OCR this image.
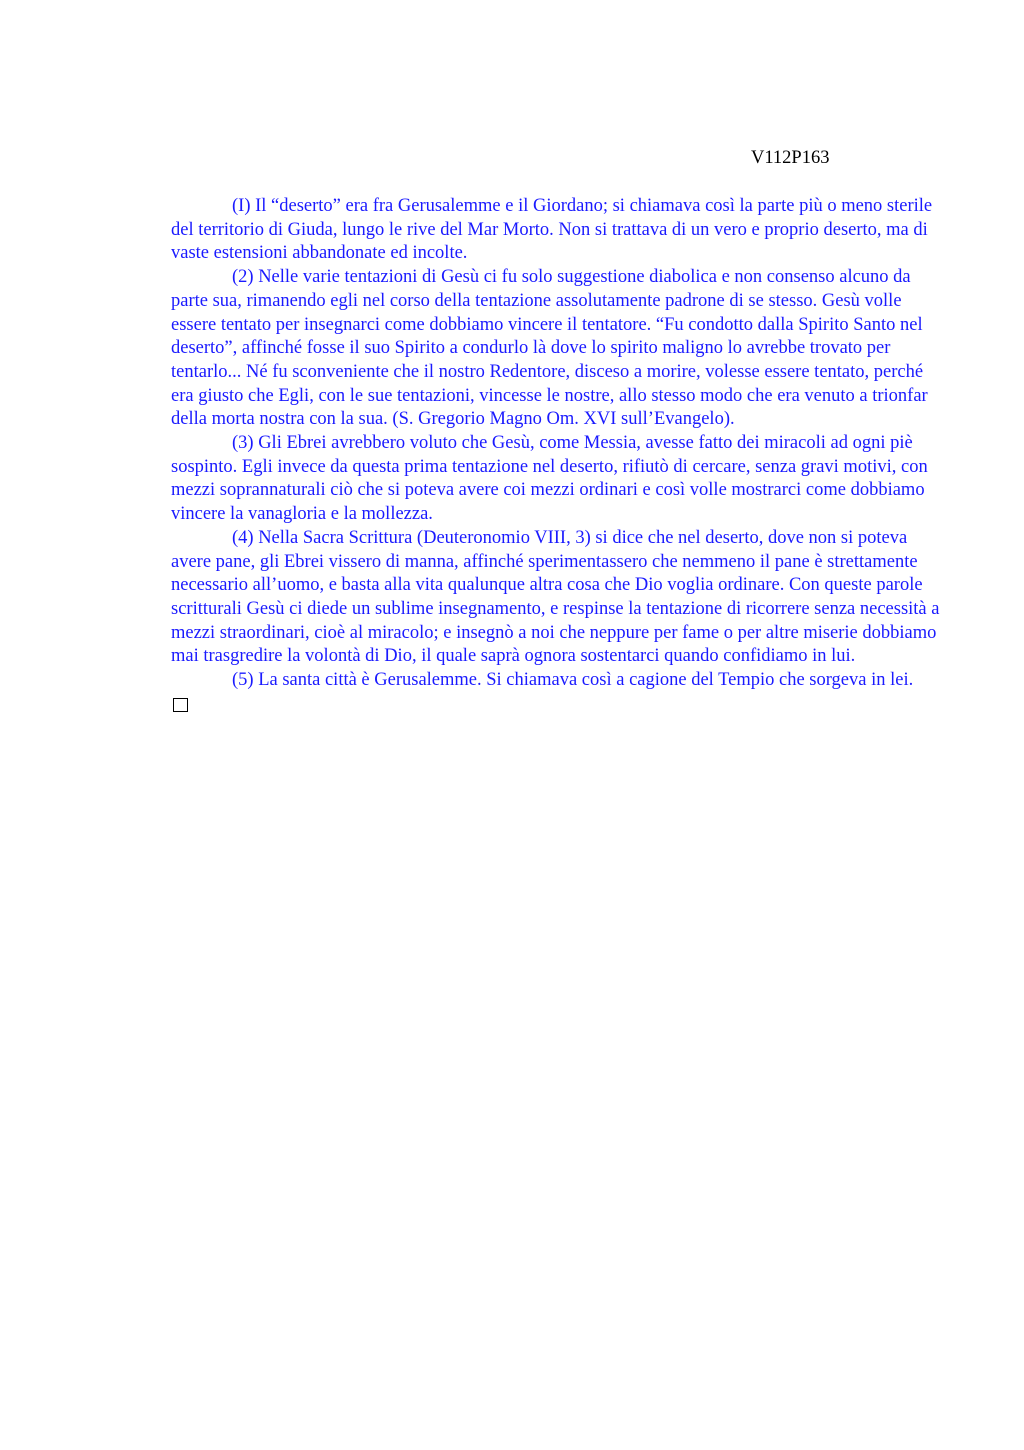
V112P163

(I) Il “deserto” era fra Gerusalemme e il Giordano; si chiamava così la parte più o meno sterile del territorio di Giuda, lungo le rive del Mar Morto. Non si trattava di un vero e proprio deserto, ma di vaste estensioni abbandonate ed incolte.

(2) Nelle varie tentazioni di Gesù ci fu solo suggestione diabolica e non consenso alcuno da parte sua, rimanendo egli nel corso della tentazione assolutamente padrone di se stesso. Gesù volle essere tentato per insegnarci come dobbiamo vincere il tentatore. “Fu condotto dalla Spirito Santo nel deserto”, affinché fosse il suo Spirito a condurlo là dove lo spirito maligno lo avrebbe trovato per tentarlo... Né fu sconveniente che il nostro Redentore, disceso a morire, volesse essere tentato, perché era giusto che Egli, con le sue tentazioni, vincesse le nostre, allo stesso modo che era venuto a trionfar della morta nostra con la sua. (S. Gregorio Magno Om. XVI sull’Evangelo).

(3) Gli Ebrei avrebbero voluto che Gesù, come Messia, avesse fatto dei miracoli ad ogni piè sospinto. Egli invece da questa prima tentazione nel deserto, rifiutò di cercare, senza gravi motivi, con mezzi soprannaturali ciò che si poteva avere coi mezzi ordinari e così volle mostrarci come dobbiamo vincere la vanagloria e la mollezza.

(4) Nella Sacra Scrittura (Deuteronomio VIII, 3) si dice che nel deserto, dove non si poteva avere pane, gli Ebrei vissero di manna, affinché sperimentassero che nemmeno il pane è strettamente necessario all’uomo, e basta alla vita qualunque altra cosa che Dio voglia ordinare. Con queste parole scritturali Gesù ci diede un sublime insegnamento, e respinse la tentazione di ricorrere senza necessità a mezzi straordinari, cioè al miracolo; e insegnò a noi che neppure per fame o per altre miserie dobbiamo mai trasgredire la volontà di Dio, il quale saprà ognora sostentarci quando confidiamo in lui.

(5) La santa città è Gerusalemme. Si chiamava così a cagione del Tempio che sorgeva in lei.
